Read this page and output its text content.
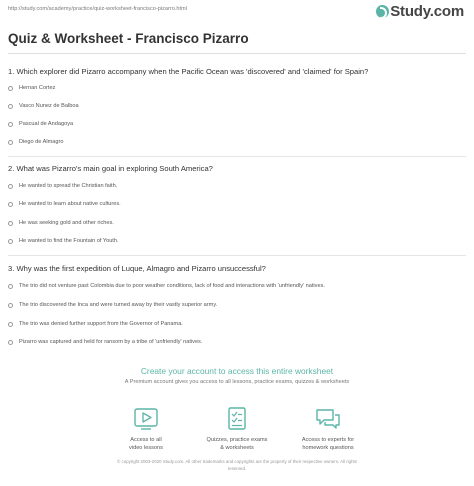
http://study.com/academy/practice/quiz-worksheet-francisco-pizarro.html	Study.com
Quiz & Worksheet - Francisco Pizarro
1. Which explorer did Pizarro accompany when the Pacific Ocean was 'discovered' and 'claimed' for Spain?
Hernan Cortez
Vasco Nunez de Balboa
Pascual de Andagoya
Diego de Almagro
2. What was Pizarro's main goal in exploring South America?
He wanted to spread the Christian faith.
He wanted to learn about native cultures.
He was seeking gold and other riches.
He wanted to find the Fountain of Youth.
3. Why was the first expedition of Luque, Almagro and Pizarro unsuccessful?
The trio did not venture past Colombia due to poor weather conditions, lack of food and interactions with 'unfriendly' natives.
The trio discovered the Inca and were turned away by their vastly superior army.
The trio was denied further support from the Governor of Panama.
Pizarro was captured and held for ransom by a tribe of 'unfriendly' natives.
Create your account to access this entire worksheet
A Premium account gives you access to all lessons, practice exams, quizzes & worksheets
Access to all
video lessons
Quizzes, practice exams
& worksheets
Access to experts for
homework questions
© copyright 2003-2020 Study.com. All other trademarks and copyrights are the property of their respective owners. All rights
reserved.
